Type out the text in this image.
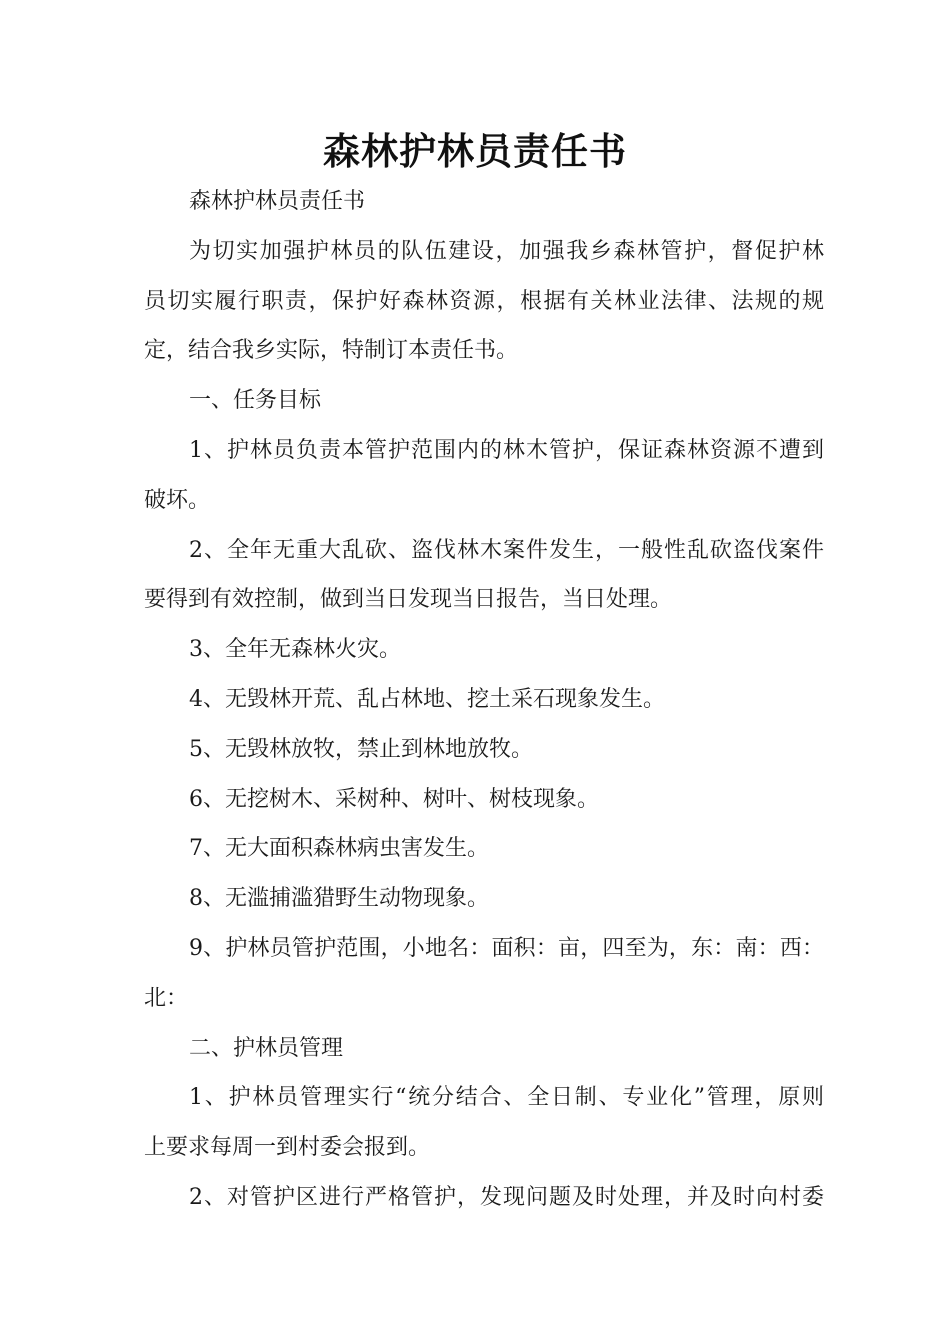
森林护林员责任书
森林护林员责任书
为切实加强护林员的队伍建设，加强我乡森林管护，督促护林
员切实履行职责，保护好森林资源，根据有关林业法律、法规的规
定，结合我乡实际，特制订本责任书。
一、任务目标
1、护林员负责本管护范围内的林木管护，保证森林资源不遭到
破坏。
2、全年无重大乱砍、盗伐林木案件发生，一般性乱砍盗伐案件
要得到有效控制，做到当日发现当日报告，当日处理。
3、全年无森林火灾。
4、无毁林开荒、乱占林地、挖土采石现象发生。
5、无毁林放牧，禁止到林地放牧。
6、无挖树木、采树种、树叶、树枝现象。
7、无大面积森林病虫害发生。
8、无滥捕滥猎野生动物现象。
9、护林员管护范围，小地名：面积：亩，四至为，东：南：西：
北：
二、护林员管理
1、护林员管理实行“统分结合、全日制、专业化”管理，原则
上要求每周一到村委会报到。
2、对管护区进行严格管护，发现问题及时处理，并及时向村委
